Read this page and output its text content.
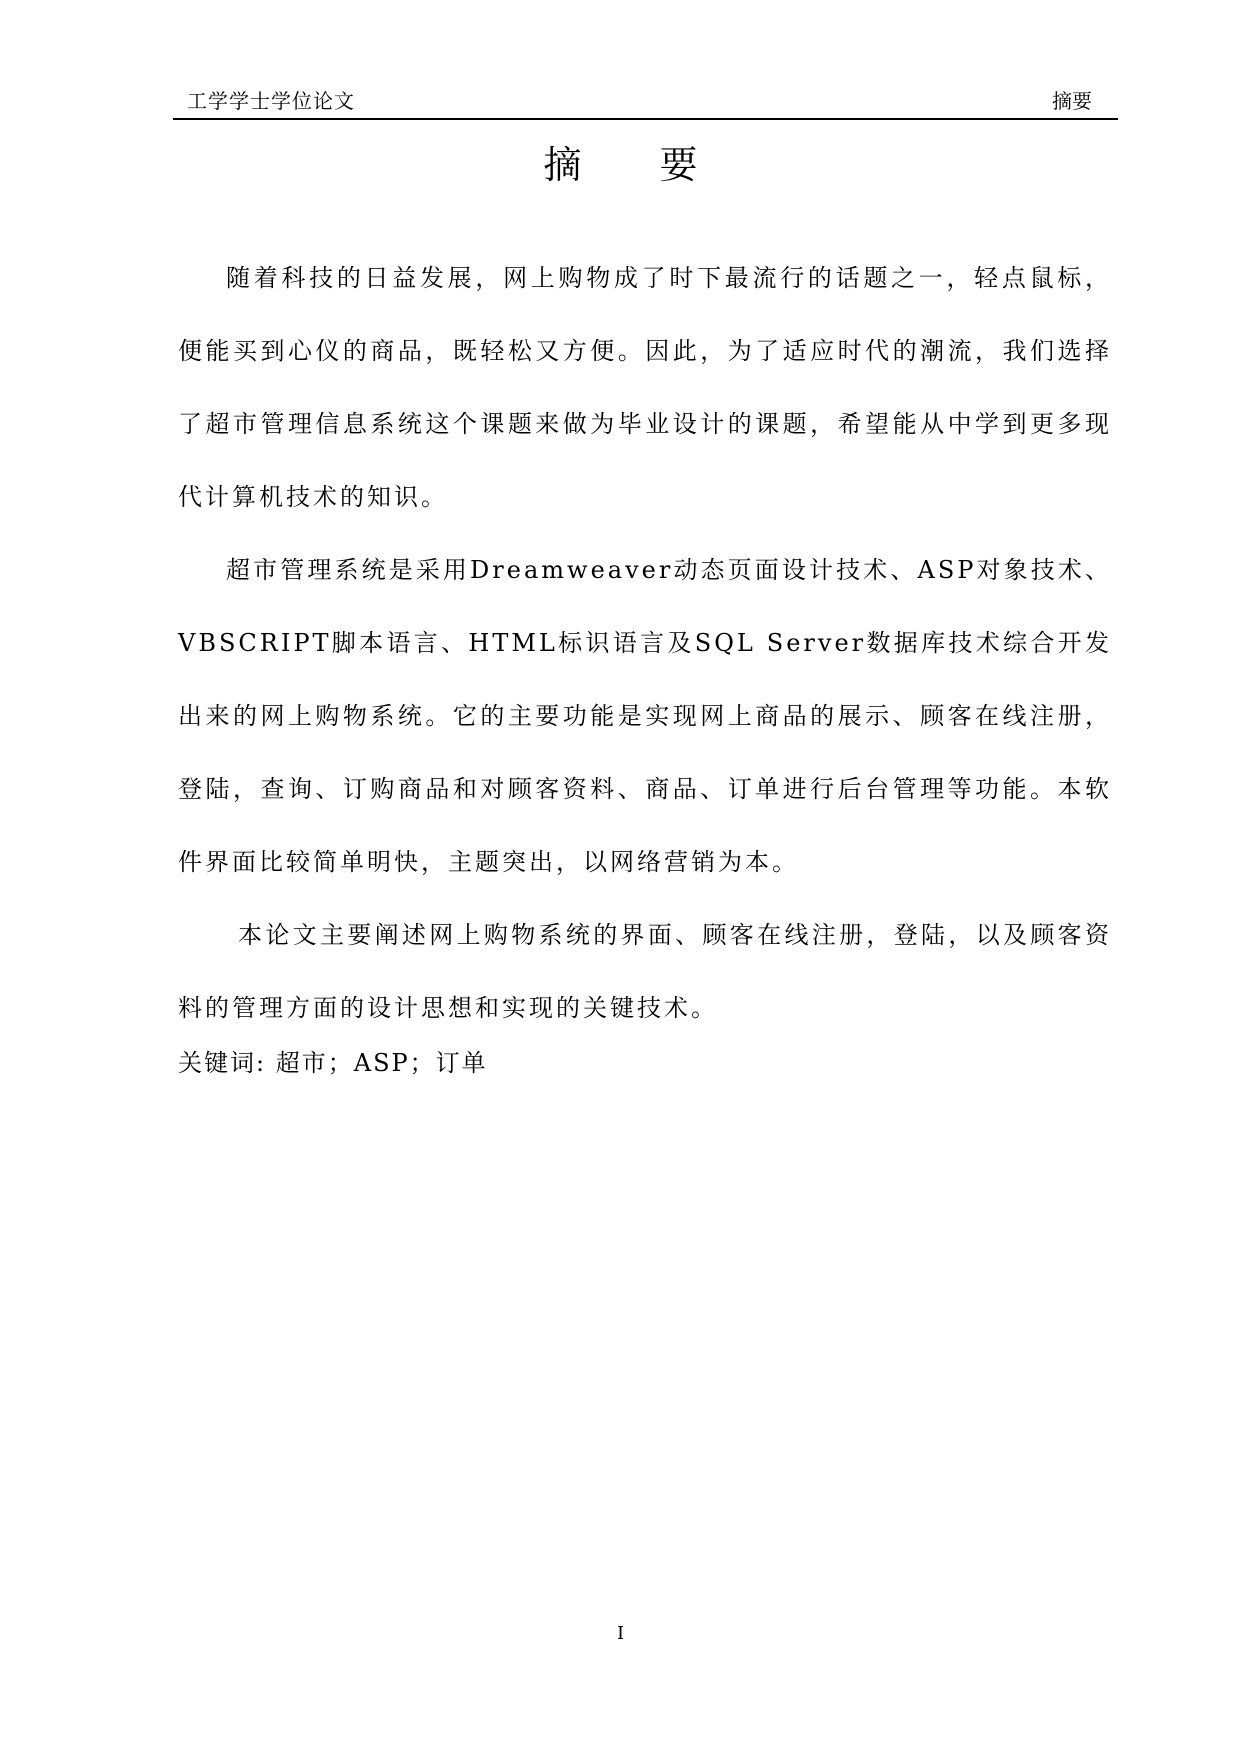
工学学士学位论文	摘要
摘要

随着科技的日益发展，网上购物成了时下最流行的话题之一，轻点鼠标，便能买到心仪的商品，既轻松又方便。因此，为了适应时代的潮流，我们选择了超市管理信息系统这个课题来做为毕业设计的课题，希望能从中学到更多现代计算机技术的知识。

超市管理系统是采用Dreamweaver动态页面设计技术、ASP对象技术、VBSCRIPT脚本语言、HTML标识语言及SQL Server数据库技术综合开发出来的网上购物系统。它的主要功能是实现网上商品的展示、顾客在线注册，登陆，查询、订购商品和对顾客资料、商品、订单进行后台管理等功能。本软件界面比较简单明快，主题突出，以网络营销为本。

本论文主要阐述网上购物系统的界面、顾客在线注册，登陆，以及顾客资料的管理方面的设计思想和实现的关键技术。

关键词: 超市；ASP；订单
I
